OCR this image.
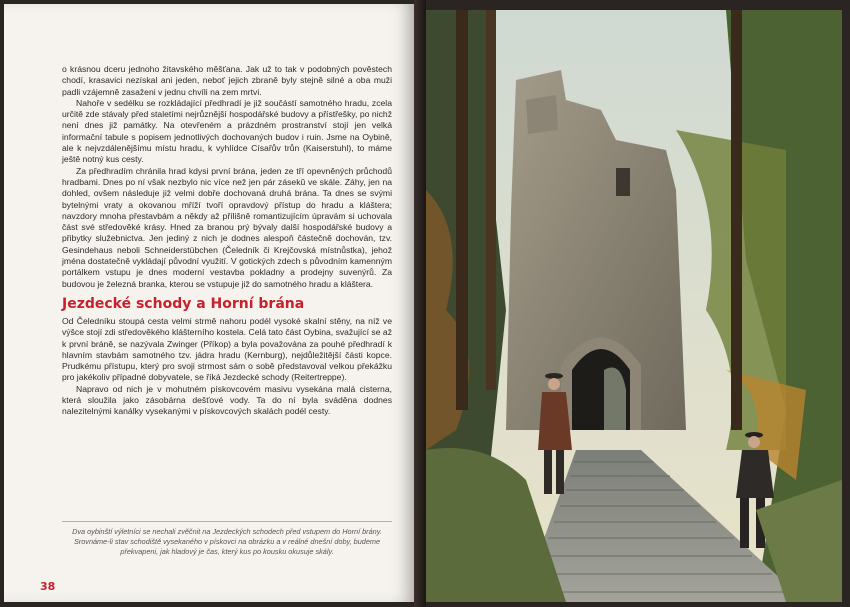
o krásnou dceru jednoho žitavského měšťana. Jak už to tak v podobných pověstech chodí, krasavici nezískal ani jeden, neboť jejich zbraně byly stejně silné a oba muži padli vzájemně zasaženi v jednu chvíli na zem mrtvi.

Nahoře v sedélku se rozkládající předhradí je již součástí samotného hradu, zcela určitě zde stávaly před staletími nejrůznější hospodářské budovy a přístřešky, po nichž není dnes již památky. Na otevřeném a prázdném prostranství stojí jen velká informační tabule s popisem jednotlivých dochovaných budov i ruin. Jsme na Oybině, ale k nejvzdálenějšímu místu hradu, k vyhlídce Císařův trůn (Kaiserstuhl), to máme ještě notný kus cesty.

Za předhradím chránila hrad kdysi první brána, jeden ze tří opevněných průchodů hradbami. Dnes po ní však nezbylo nic více než jen pár zásekŭ ve skále. Záhy, jen na dohled, ovšem následuje již velmi dobře dochovaná druhá brána. Ta dnes se svými bytelnými vraty a okovanou mříží tvoří opravdový přístup do hradu a kláštera; navzdory mnoha přestavbám a někdy až přílišně romantizujícím úpravám si uchovala část své středověké krásy. Hned za branou prý bývaly další hospodářské budovy a přibytky služebnictva. Jen jediný z nich je dodnes alespoň částečně dochován, tzv. Gesindehaus neboli Schneiderstübchen (Čeledník či Krejčovská místnůstka), jehož jména dostatečně vykládají původní využití. V gotických zdech s původním kamenným portálkem vstupu je dnes moderní vestavba pokladny a prodejny suvenýrů. Za budovou je železná branka, kterou se vstupuje již do samotného hradu a kláštera.

Jezdecké schody a Horní brána

Od Čeledníku stoupá cesta velmi strmě nahoru podél vysoké skalní stěny, na níž ve výšce stojí zdi středověkého klášterního kostela. Celá tato část Oybina, svažující se až k první bráně, se nazývala Zwinger (Příkop) a byla považována za pouhé předhradí k hlavním stavbám samotného tzv. jádra hradu (Kernburg), nejdůležitější části kopce. Prudkému přístupu, který pro svoji strmost sám o sobě představoval velkou překážku pro jakékoliv případné dobyvatele, se říká Jezdecké schody (Reitertreppe).

Napravo od nich je v mohutném pískovcovém masivu vysekána malá cisterna, která sloužila jako zásobárna dešťové vody. Ta do ní byla sváděna dodnes nalezitelnými kanálky vysekanými v pískovcových skalách podél cesty.

Dva oybinští výletníci se nechali zvěčnit na Jezdeckých schodech před vstupem do Horní brány. Srovnáme-li stav schodiště vysekaného v pískovci na obrázku a v reálné dnešní doby, budeme překvapeni, jak hladový je čas, který kus po kousku okusuje skály.
38
